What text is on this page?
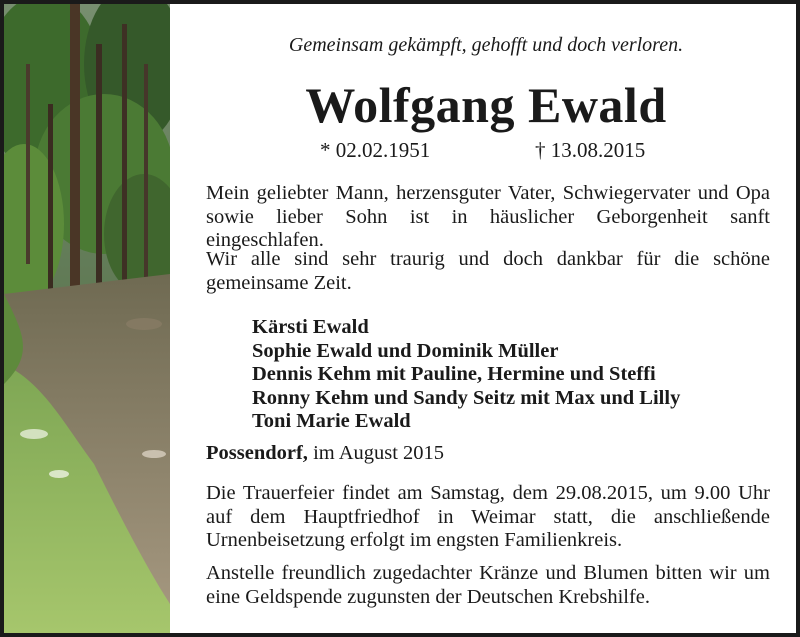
Gemeinsam gekämpft, gehofft und doch verloren.
Wolfgang Ewald
* 02.02.1951	† 13.08.2015
Mein geliebter Mann, herzensguter Vater, Schwiegervater und Opa sowie lieber Sohn ist in häuslicher Geborgenheit sanft eingeschlafen.
Wir alle sind sehr traurig und doch dankbar für die schöne gemeinsame Zeit.
Kärsti Ewald
Sophie Ewald und Dominik Müller
Dennis Kehm mit Pauline, Hermine und Steffi
Ronny Kehm und Sandy Seitz mit Max und Lilly
Toni Marie Ewald
Possendorf, im August 2015
Die Trauerfeier findet am Samstag, dem 29.08.2015, um 9.00 Uhr auf dem Hauptfriedhof in Weimar statt, die anschließende Urnenbeisetzung erfolgt im engsten Familienkreis.
Anstelle freundlich zugedachter Kränze und Blumen bitten wir um eine Geldspende zugunsten der Deutschen Krebshilfe.
